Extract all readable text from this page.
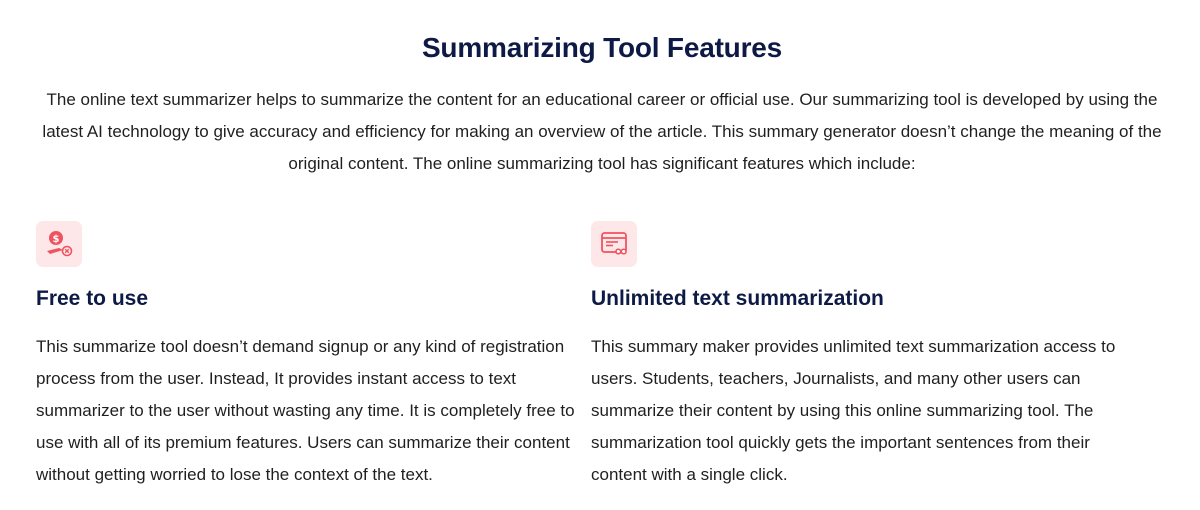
Summarizing Tool Features

The online text summarizer helps to summarize the content for an educational career or official use. Our summarizing tool is developed by using the latest AI technology to give accuracy and efficiency for making an overview of the article. This summary generator doesn’t change the meaning of the original content. The online summarizing tool has significant features which include:

$
Free to use

This summarize tool doesn’t demand signup or any kind of registration process from the user. Instead, It provides instant access to text summarizer to the user without wasting any time. It is completely free to use with all of its premium features. Users can summarize their content without getting worried to lose the context of the text.

Unlimited text summarization

This summary maker provides unlimited text summarization access to users. Students, teachers, Journalists, and many other users can summarize their content by using this online summarizing tool. The summarization tool quickly gets the important sentences from their content with a single click.
